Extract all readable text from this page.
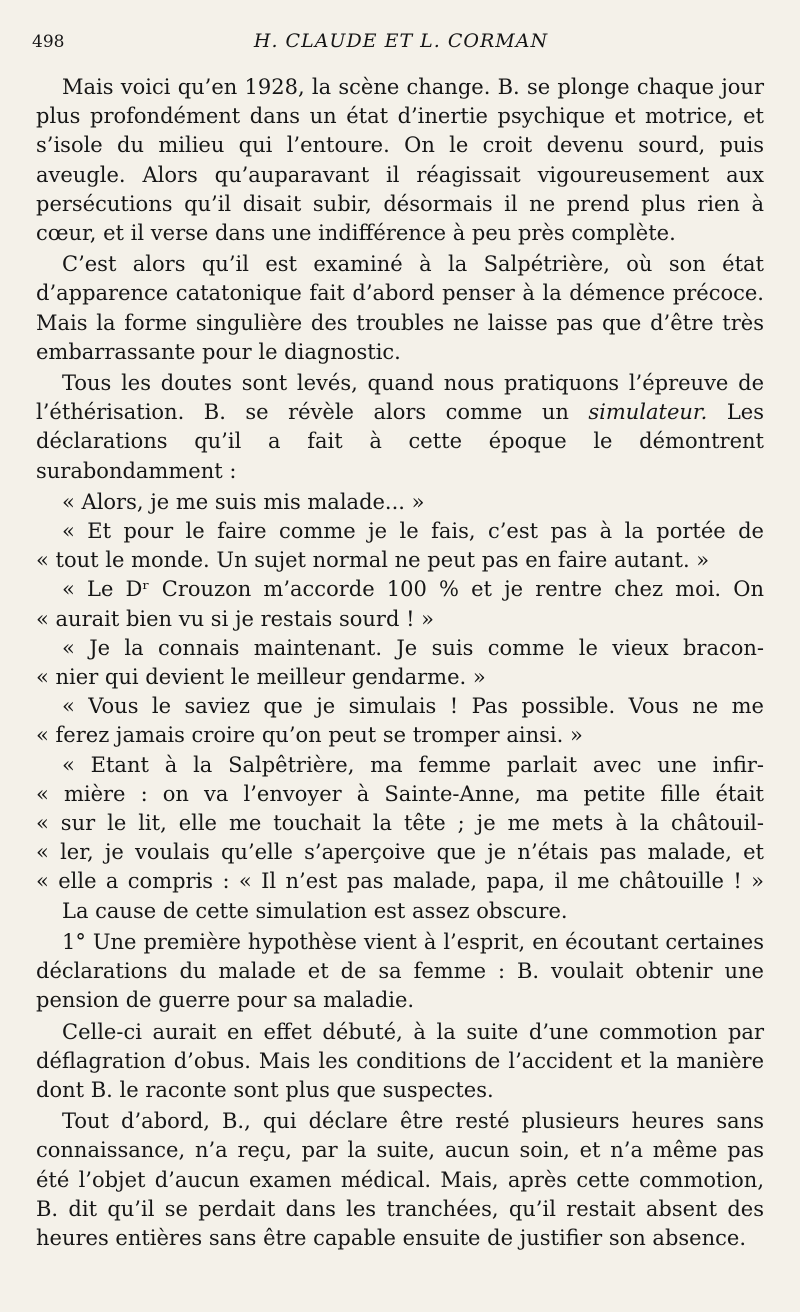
498	H. CLAUDE ET L. CORMAN

Mais voici qu’en 1928, la scène change. B. se plonge chaque jour plus profondément dans un état d’inertie psychique et motrice, et s’isole du milieu qui l’entoure. On le croit devenu sourd, puis aveugle. Alors qu’auparavant il réagissait vigoureusement aux persécutions qu’il disait subir, désormais il ne prend plus rien à cœur, et il verse dans une indifférence à peu près complète.

C’est alors qu’il est examiné à la Salpétrière, où son état d’apparence catatonique fait d’abord penser à la démence précoce. Mais la forme singulière des troubles ne laisse pas que d’être très embarrassante pour le diagnostic.

Tous les doutes sont levés, quand nous pratiquons l’épreuve de l’éthérisation. B. se révèle alors comme un simulateur. Les déclarations qu’il a fait à cette époque le démontrent surabondamment :

« Alors, je me suis mis malade... »
« Et pour le faire comme je le fais, c’est pas à la portée de
« tout le monde. Un sujet normal ne peut pas en faire autant. »
« Le Dʳ Crouzon m’accorde 100 % et je rentre chez moi. On
« aurait bien vu si je restais sourd ! »
« Je la connais maintenant. Je suis comme le vieux bracon-
« nier qui devient le meilleur gendarme. »
« Vous le saviez que je simulais ! Pas possible. Vous ne me
« ferez jamais croire qu’on peut se tromper ainsi. »
« Etant à la Salpêtrière, ma femme parlait avec une infir-
« mière : on va l’envoyer à Sainte-Anne, ma petite fille était
« sur le lit, elle me touchait la tête ; je me mets à la châtouil-
« ler, je voulais qu’elle s’aperçoive que je n’étais pas malade, et
« elle a compris : « Il n’est pas malade, papa, il me châtouille ! »

La cause de cette simulation est assez obscure.

1° Une première hypothèse vient à l’esprit, en écoutant certaines déclarations du malade et de sa femme : B. voulait obtenir une pension de guerre pour sa maladie.

Celle-ci aurait en effet débuté, à la suite d’une commotion par déflagration d’obus. Mais les conditions de l’accident et la manière dont B. le raconte sont plus que suspectes.

Tout d’abord, B., qui déclare être resté plusieurs heures sans connaissance, n’a reçu, par la suite, aucun soin, et n’a même pas été l’objet d’aucun examen médical. Mais, après cette commotion, B. dit qu’il se perdait dans les tranchées, qu’il restait absent des heures entières sans être capable ensuite de justifier son absence.
